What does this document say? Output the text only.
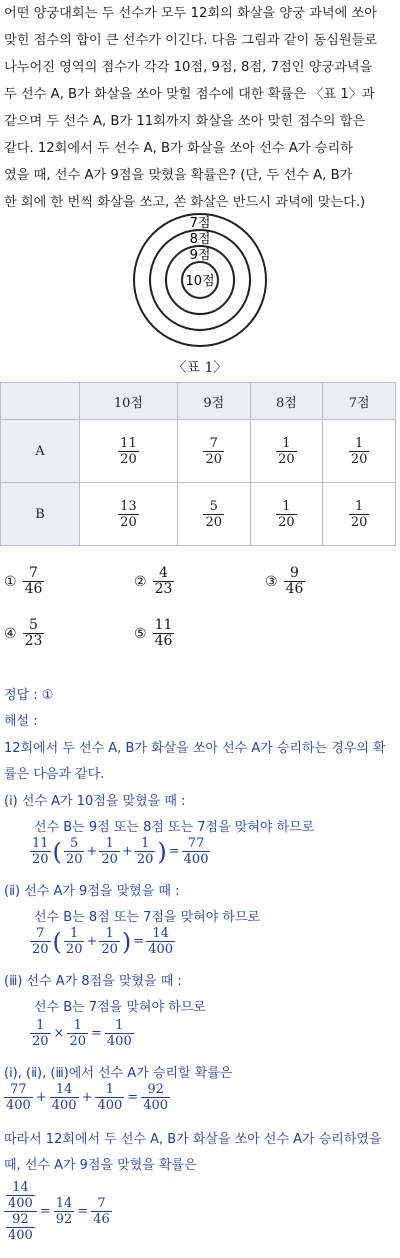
어떤 양궁대회는 두 선수가 모두 12회의 화살을 양궁 과녁에 쏘아
맞힌 점수의 합이 큰 선수가 이긴다. 다음 그림과 같이 동심원들로
나누어진 영역의 점수가 각각 10점, 9점, 8점, 7점인 양궁과녁을
두 선수 A, B가 화살을 쏘아 맞힐 점수에 대한 확률은 〈표 1〉과
같으며 두 선수 A, B가 11회까지 화살을 쏘아 맞힌 점수의 합은
같다. 12회에서 두 선수 A, B가 화살을 쏘아 선수 A가 승리하
였을 때, 선수 A가 9점을 맞혔을 확률은? (단, 두 선수 A, B가
한 회에 한 번씩 화살을 쏘고, 쏜 화살은 반드시 과녁에 맞는다.)
7점
8점
9점
10점
〈표 1〉
	10점	9점	8점	7점
A	$\frac{11}{20}$	$\frac{7}{20}$	$\frac{1}{20}$	$\frac{1}{20}$

B	$\frac{13}{20}$	$\frac{5}{20}$	$\frac{1}{20}$	$\frac{1}{20}$
① $\frac{7}{46}$	② $\frac{4}{23}$	③ $\frac{9}{46}$
④ $\frac{5}{23}$	⑤ $\frac{11}{46}$
정답 : ①
해설 :
12회에서 두 선수 A, B가 화살을 쏘아 선수 A가 승리하는 경우의 확
률은 다음과 같다.
(ⅰ) 선수 A가 10점을 맞혔을 때 :
선수 B는 9점 또는 8점 또는 7점을 맞혀야 하므로
$\frac{11}{20}$ ( $\frac{5}{20} + \frac{1}{20} + \frac{1}{20}$ ) = $\frac{77}{400}$
(ⅱ) 선수 A가 9점을 맞혔을 때 :
선수 B는 8점 또는 7점을 맞혀야 하므로
$\frac{7}{20}$ ( $\frac{1}{20} + \frac{1}{20}$ ) = $\frac{14}{400}$
(ⅲ) 선수 A가 8점을 맞혔을 때 :
선수 B는 7점을 맞혀야 하므로
$\frac{1}{20} \times \frac{1}{20} = \frac{1}{400}$
(ⅰ), (ⅱ), (ⅲ)에서 선수 A가 승리할 확률은
$\frac{77}{400} + \frac{14}{400} + \frac{1}{400} = \frac{92}{400}$
따라서 12회에서 두 선수 A, B가 화살을 쏘아 선수 A가 승리하였을
때, 선수 A가 9점을 맞혔을 확률은
$\frac{\frac{14}{400}}{\frac{92}{400}} = \frac{14}{92} = \frac{7}{46}$
